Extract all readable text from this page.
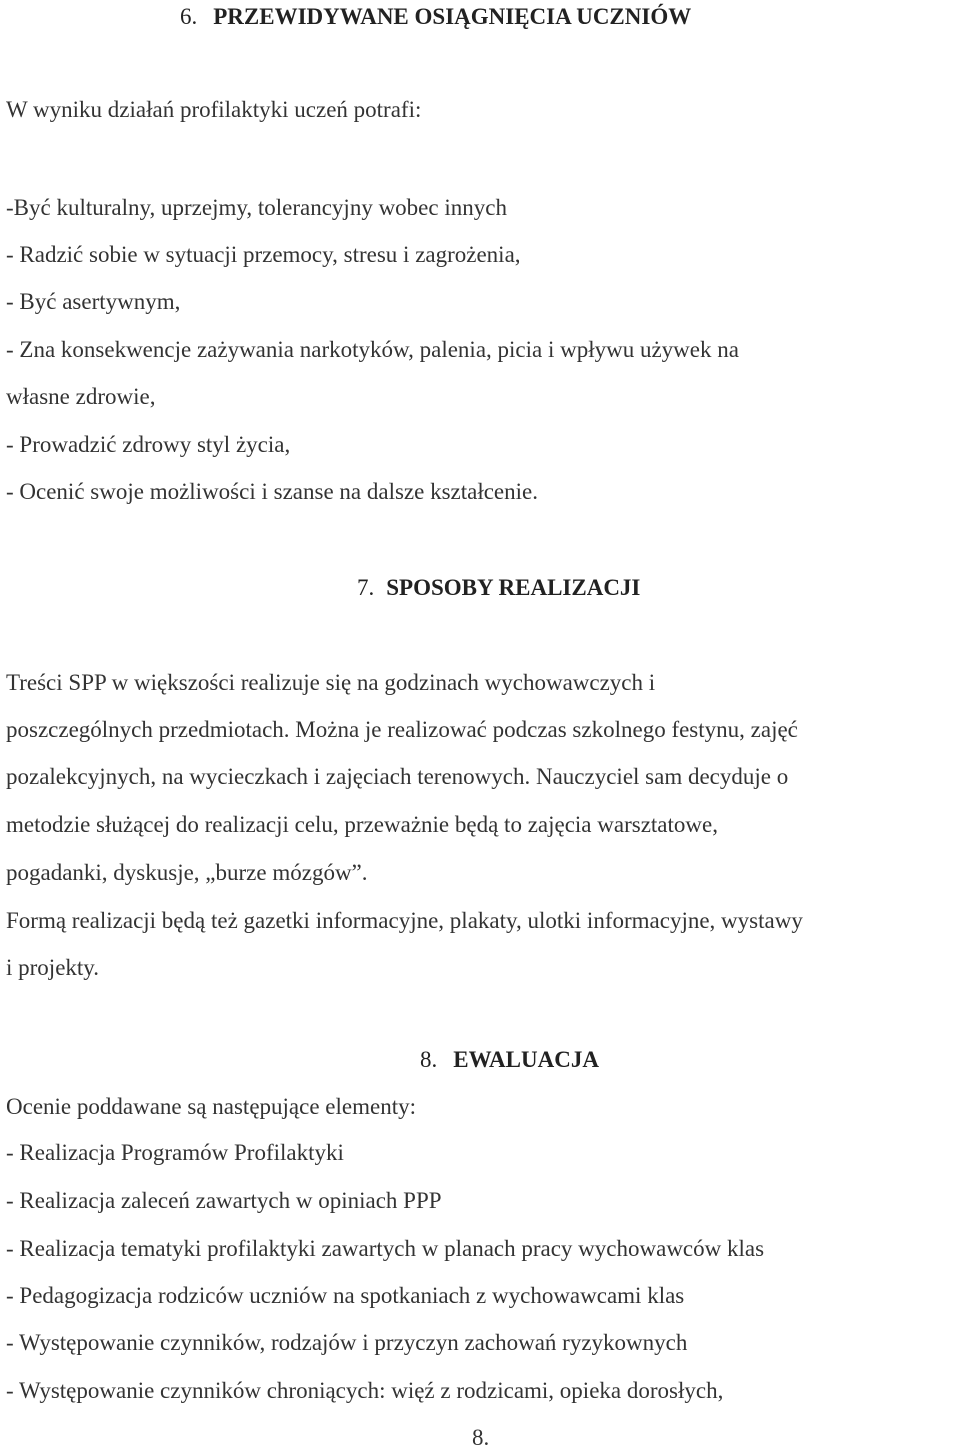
6. PRZEWIDYWANE OSIĄGNIĘCIA UCZNIÓW
W wyniku działań profilaktyki uczeń potrafi:
-Być kulturalny, uprzejmy, tolerancyjny wobec innych
- Radzić sobie w sytuacji przemocy, stresu i zagrożenia,
- Być asertywnym,
- Zna konsekwencje zażywania narkotyków, palenia, picia i wpływu używek na
własne zdrowie,
- Prowadzić zdrowy styl życia,
- Ocenić swoje możliwości i szanse na dalsze kształcenie.
7. SPOSOBY REALIZACJI
Treści SPP w większości realizuje się na godzinach wychowawczych i
poszczególnych przedmiotach. Można je realizować podczas szkolnego festynu, zajęć
pozalekcyjnych, na wycieczkach i zajęciach terenowych. Nauczyciel sam decyduje o
metodzie służącej do realizacji celu, przeważnie będą to zajęcia warsztatowe,
pogadanki, dyskusje, „burze mózgów”.
Formą realizacji będą też gazetki informacyjne, plakaty, ulotki informacyjne, wystawy
i projekty.
8. EWALUACJA
Ocenie poddawane są następujące elementy:
- Realizacja Programów Profilaktyki
- Realizacja zaleceń zawartych w opiniach PPP
- Realizacja tematyki profilaktyki zawartych w planach pracy wychowawców klas
- Pedagogizacja rodziców uczniów na spotkaniach z wychowawcami klas
- Występowanie czynników, rodzajów i przyczyn zachowań ryzykownych
- Występowanie czynników chroniących: więź z rodzicami, opieka dorosłych,
8.
